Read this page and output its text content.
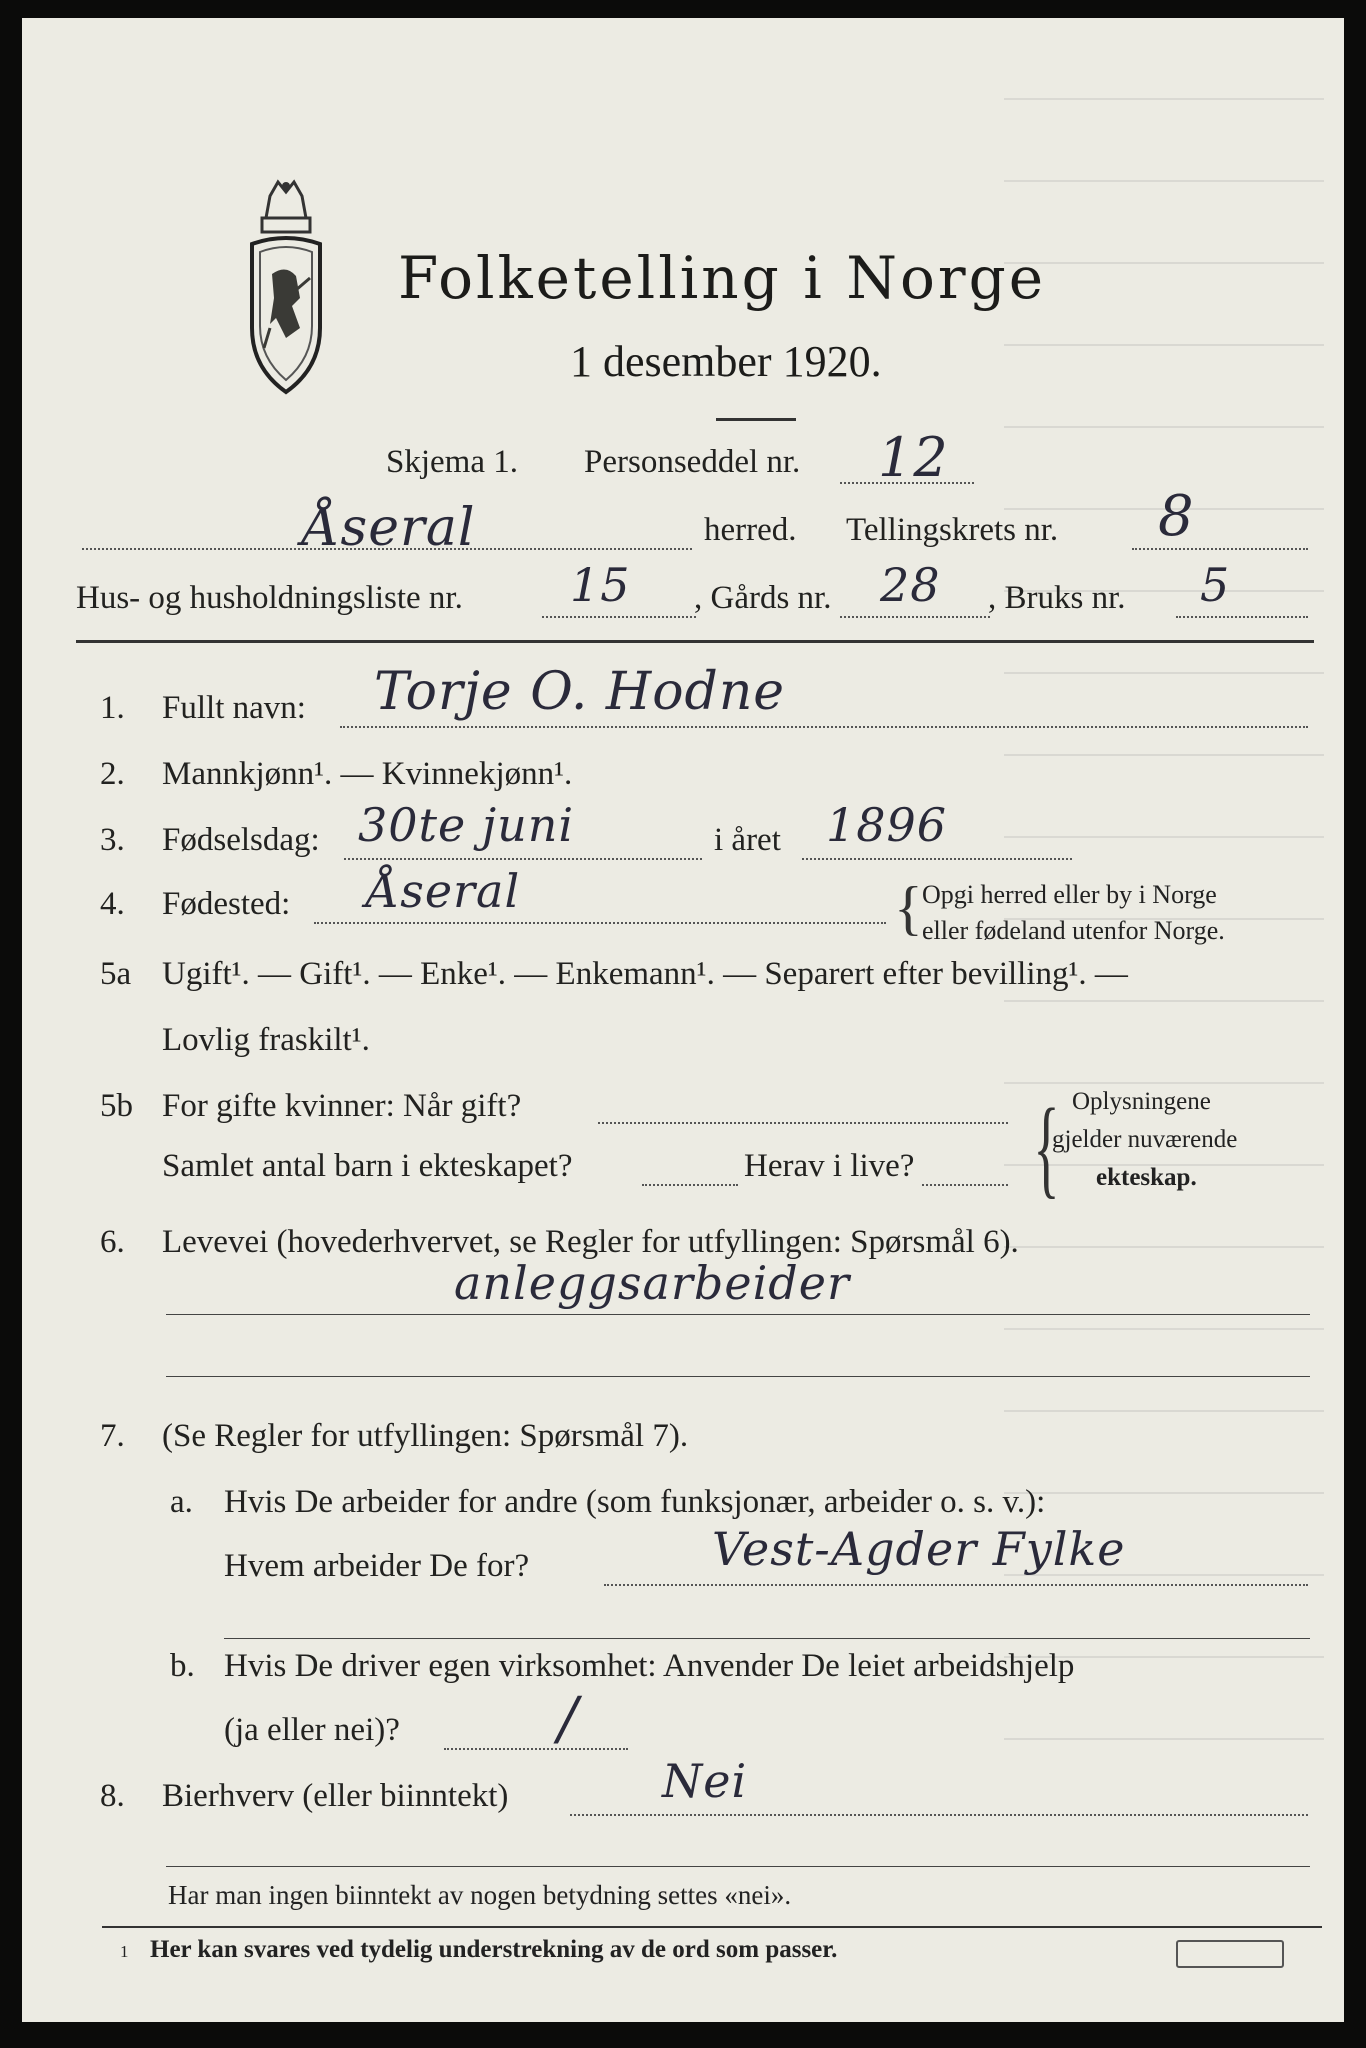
Folketelling i Norge
1 desember 1920.
Skjema 1. Personseddel nr. 12
Åseral	herred. Tellingskrets nr. 8
Hus- og husholdningsliste nr. 15 , Gårds nr. 28 , Bruks nr. 5
1. Fullt navn: Torje O. Hodne
2. Mannkjønn¹. — Kvinnekjønn¹.
3. Fødselsdag: 30te juni	i året 1896
4. Fødested: Åseral	{ Opgi herred eller by i Norge
eller fødeland utenfor Norge.
5a Ugift¹. — Gift¹. — Enke¹. — Enkemann¹. — Separert efter bevilling¹. —
Lovlig fraskilt¹.
5b For gifte kvinner: Når gift?
Samlet antal barn i ekteskapet?	Herav i live? { Oplysningene
gjelder nuværende
ekteskap.
6. Levevei (hovederhvervet, se Regler for utfyllingen: Spørsmål 6).
anleggsarbeider
7. (Se Regler for utfyllingen: Spørsmål 7).
a. Hvis De arbeider for andre (som funksjonær, arbeider o. s. v.):
Hvem arbeider De for?	Vest-Agder Fylke
b. Hvis De driver egen virksomhet: Anvender De leiet arbeidshjelp
(ja eller nei)?	/
8. Bierhverv (eller biinntekt)	Nei
Har man ingen biinntekt av nogen betydning settes «nei».
1 Her kan svares ved tydelig understrekning av de ord som passer.
